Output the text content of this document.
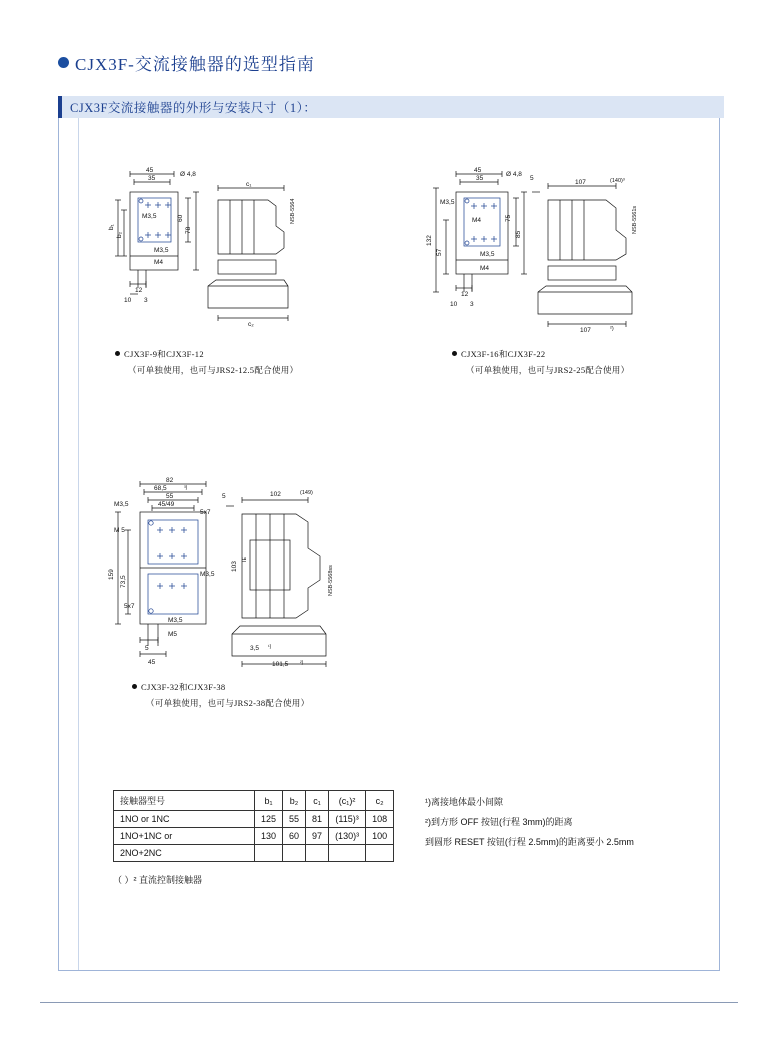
CJX3F-交流接触器的选型指南
CJX3F交流接触器的外形与安装尺寸（1）：
45
35
Ø 4,8
c₁
60
78
b₁
b₂
M3,5
M3,5
M4
12
3
10
c₂
NSB-5564
CJX3F-9和CJX3F-12
（可单独使用，也可与JRS2-12.5配合使用）
45
35
Ø 4,8
5
107	(140)³
75
85
132
57
M3,5
M4
M3,5
M4
12
3
10
107	²)
NSB-5561s
CJX3F-16和CJX3F-22
（可单独使用，也可与JRS2-25配合使用）
82
68,5	³)
55
45/49
M3,5
M 5
5x7
5	102	(149)
159
73,5
103
ΙΕ
M3,5
5x7
M3,5
M5
5
45
3,5 ¹)
101,5 ²)
NSB-5568ss
CJX3F-32和CJX3F-38
（可单独使用，也可与JRS2-38配合使用）
接触器型号	b₁	b₂	c₁	(c₁)²	c₂
1NO or 1NC	125	55	81	(115)³	108
1NO+1NC or	130	60	97	(130)³	100
2NO+2NC					
（ ）² 直流控制接触器
¹)离接地体最小间隙
²)到方形 OFF 按钮(行程 3mm)的距离
到圆形 RESET 按钮(行程 2.5mm)的距离要小 2.5mm
